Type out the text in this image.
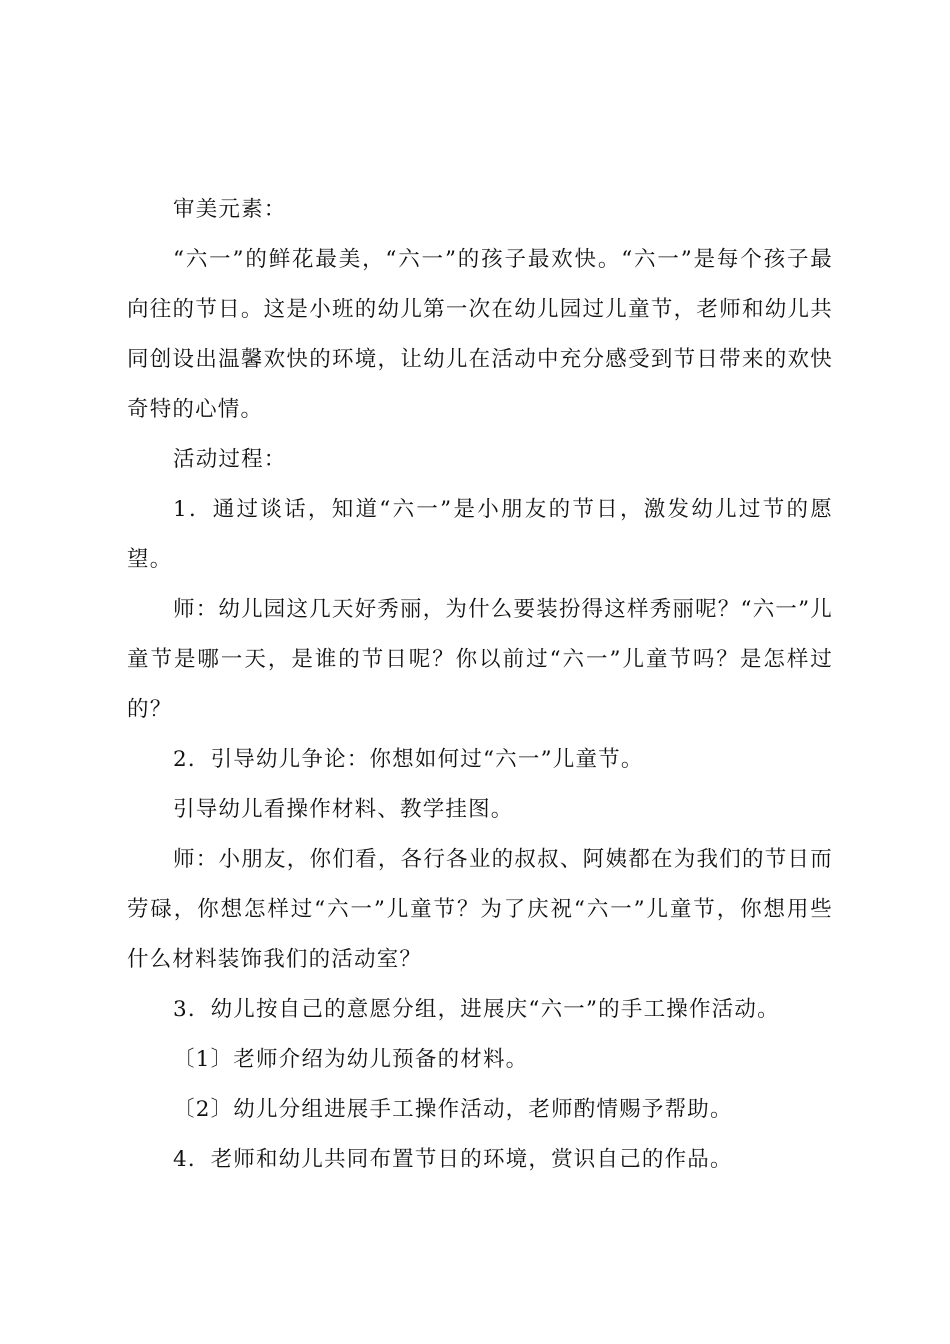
审美元素：

“六一”的鲜花最美，“六一”的孩子最欢快。“六一”是每个孩子最向往的节日。这是小班的幼儿第一次在幼儿园过儿童节，老师和幼儿共同创设出温馨欢快的环境，让幼儿在活动中充分感受到节日带来的欢快奇特的心情。

活动过程：

1．通过谈话，知道“六一”是小朋友的节日，激发幼儿过节的愿望。

师：幼儿园这几天好秀丽，为什么要装扮得这样秀丽呢？“六一”儿童节是哪一天，是谁的节日呢？你以前过“六一”儿童节吗？是怎样过的？

2．引导幼儿争论：你想如何过“六一”儿童节。

引导幼儿看操作材料、教学挂图。

师：小朋友，你们看，各行各业的叔叔、阿姨都在为我们的节日而劳碌，你想怎样过“六一”儿童节？为了庆祝“六一”儿童节，你想用些什么材料装饰我们的活动室？

3．幼儿按自己的意愿分组，进展庆“六一”的手工操作活动。

〔1〕老师介绍为幼儿预备的材料。

〔2〕幼儿分组进展手工操作活动，老师酌情赐予帮助。

4．老师和幼儿共同布置节日的环境，赏识自己的作品。
